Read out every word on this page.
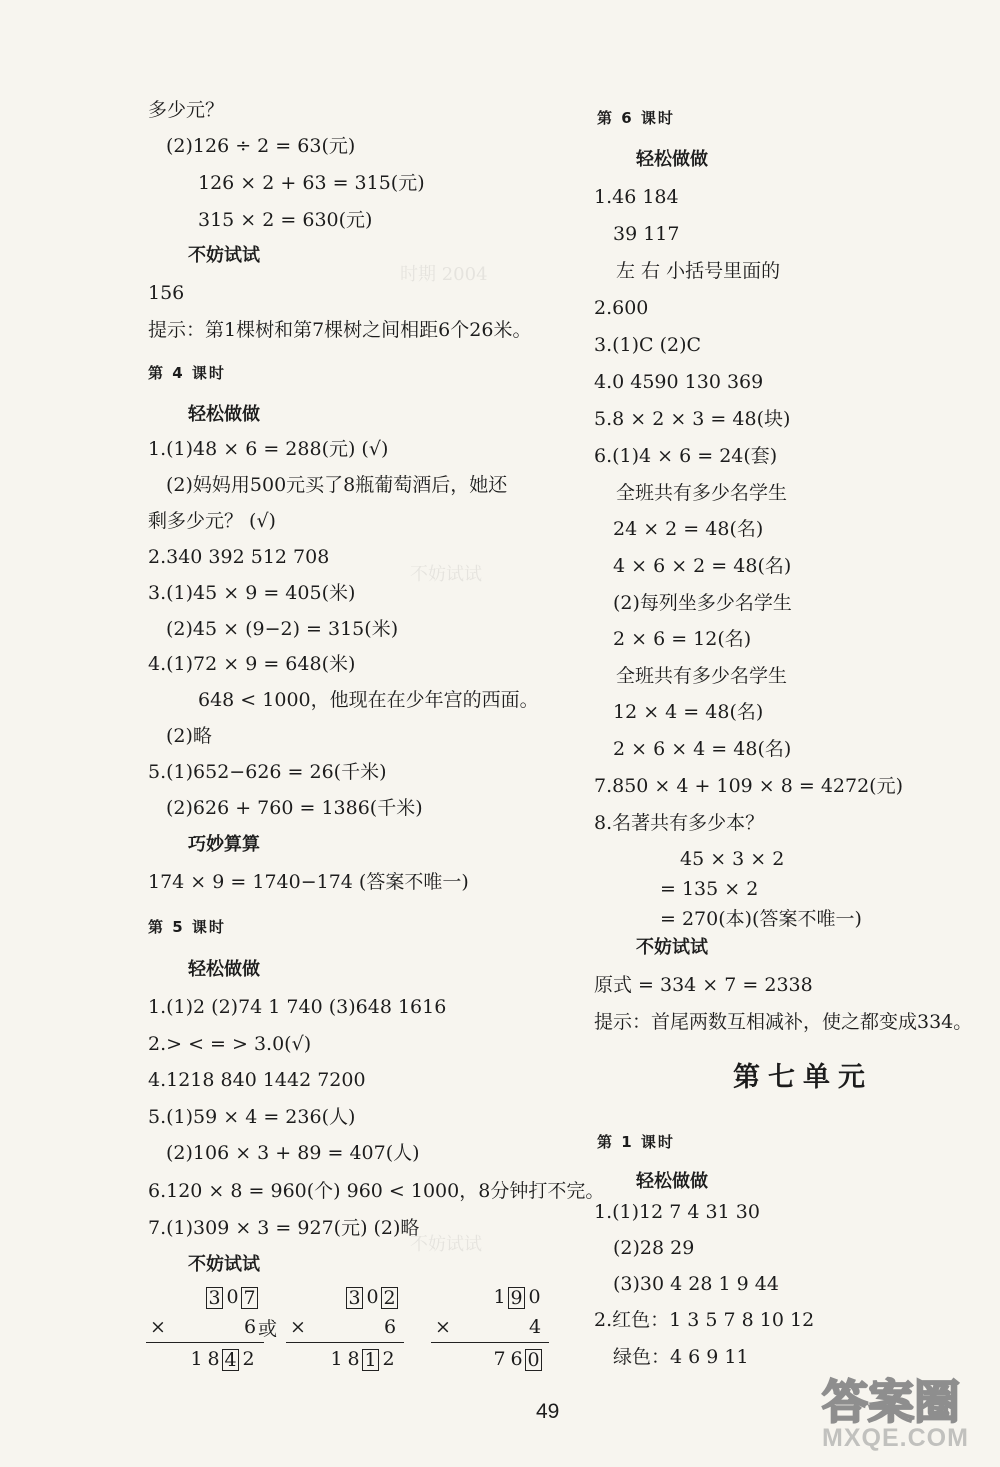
多少元？
(2)126 ÷ 2 = 63(元)
126 × 2 + 63 = 315(元)
315 × 2 = 630(元)
不妨试试
156
提示：第1棵树和第7棵树之间相距6个26米。
第 4 课时
轻松做做
1.(1)48 × 6 = 288(元) (√)
(2)妈妈用500元买了8瓶葡萄酒后，她还
剩多少元？ (√)
2.340 392 512 708
3.(1)45 × 9 = 405(米)
(2)45 × (9−2) = 315(米)
4.(1)72 × 9 = 648(米)
648 < 1000，他现在在少年宫的西面。
(2)略
5.(1)652−626 = 26(千米)
(2)626 + 760 = 1386(千米)
巧妙算算
174 × 9 = 1740−174 (答案不唯一)
第 5 课时
轻松做做
1.(1)2 (2)74 1 740 (3)648 1616
2.> < = > 3.0(√)
4.1218 840 1442 7200
5.(1)59 × 4 = 236(人)
(2)106 × 3 + 89 = 407(人)
6.120 × 8 = 960(个) 960 < 1000，8分钟打不完。
7.(1)309 × 3 = 927(元) (2)略
不妨试试
第 6 课时
轻松做做
1.46 184
39 117
左 右 小括号里面的
2.600
3.(1)C (2)C
4.0 4590 130 369
5.8 × 2 × 3 = 48(块)
6.(1)4 × 6 = 24(套)
全班共有多少名学生
24 × 2 = 48(名)
4 × 6 × 2 = 48(名)
(2)每列坐多少名学生
2 × 6 = 12(名)
全班共有多少名学生
12 × 4 = 48(名)
2 × 6 × 4 = 48(名)
7.850 × 4 + 109 × 8 = 4272(元)
8.名著共有多少本？
45 × 3 × 2
= 135 × 2
= 270(本)(答案不唯一)
不妨试试
原式 = 334 × 7 = 2338
提示：首尾两数互相减补，使之都变成334。
第七单元
第 1 课时
轻松做做
1.(1)12 7 4 31 30
(2)28 29
(3)30 4 28 1 9 44
2.红色：1 3 5 7 8 10 12
绿色：4 6 9 11
时期 2004
不妨试试
不妨试试
3 0 7
×	6
1 8 4 2
或
3 0 2
×	6
1 8 1 2
1 9 0
×	4
7 6 0
49	答案圈
MXQE.COM
